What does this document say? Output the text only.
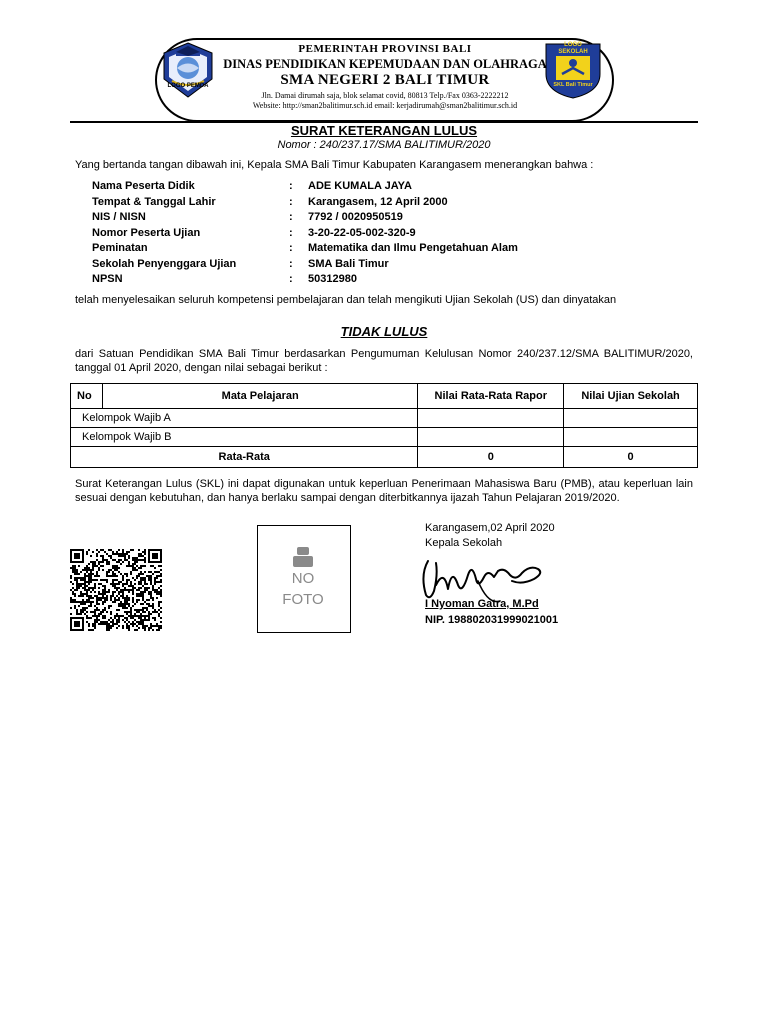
LOGO PEMDA
LOGO
SEKOLAH
SKL Bali Timur
PEMERINTAH PROVINSI BALI
DINAS PENDIDIKAN KEPEMUDAAN DAN OLAHRAGA
SMA NEGERI 2 BALI TIMUR
Jln. Damai dirumah saja, blok selamat covid, 80813 Telp./Fax 0363-2222212
Website: http://sman2balitimur.sch.id email: kerjadirumah@sman2balitimur.sch.id
SURAT KETERANGAN LULUS
Nomor : 240/237.17/SMA BALITIMUR/2020
Yang bertanda tangan dibawah ini, Kepala SMA Bali Timur Kabupaten Karangasem menerangkan bahwa :
Nama Peserta Didik	: ADE KUMALA JAYA
Tempat & Tanggal Lahir	: Karangasem, 12 April 2000
NIS / NISN	: 7792 / 0020950519
Nomor Peserta Ujian	: 3-20-22-05-002-320-9
Peminatan	: Matematika dan Ilmu Pengetahuan Alam
Sekolah Penyenggara Ujian	: SMA Bali Timur
NPSN	: 50312980
telah menyelesaikan seluruh kompetensi pembelajaran dan telah mengikuti Ujian Sekolah (US) dan dinyatakan
TIDAK LULUS
dari Satuan Pendidikan SMA Bali Timur berdasarkan Pengumuman Kelulusan Nomor 240/237.12/SMA BALITIMUR/2020, tanggal 01 April 2020, dengan nilai sebagai berikut :
No	Mata Pelajaran	Nilai Rata-Rata Rapor	Nilai Ujian Sekolah
Kelompok Wajib A			
Kelompok Wajib B			
Rata-Rata		0	0
Surat Keterangan Lulus (SKL) ini dapat digunakan untuk keperluan Penerimaan Mahasiswa Baru (PMB), atau keperluan lain sesuai dengan kebutuhan, dan hanya berlaku sampai dengan diterbitkannya ijazah Tahun Pelajaran 2019/2020.
NO
FOTO
Karangasem,02 April 2020
Kepala Sekolah
I Nyoman Gatra, M.Pd
NIP. 198802031999021001
